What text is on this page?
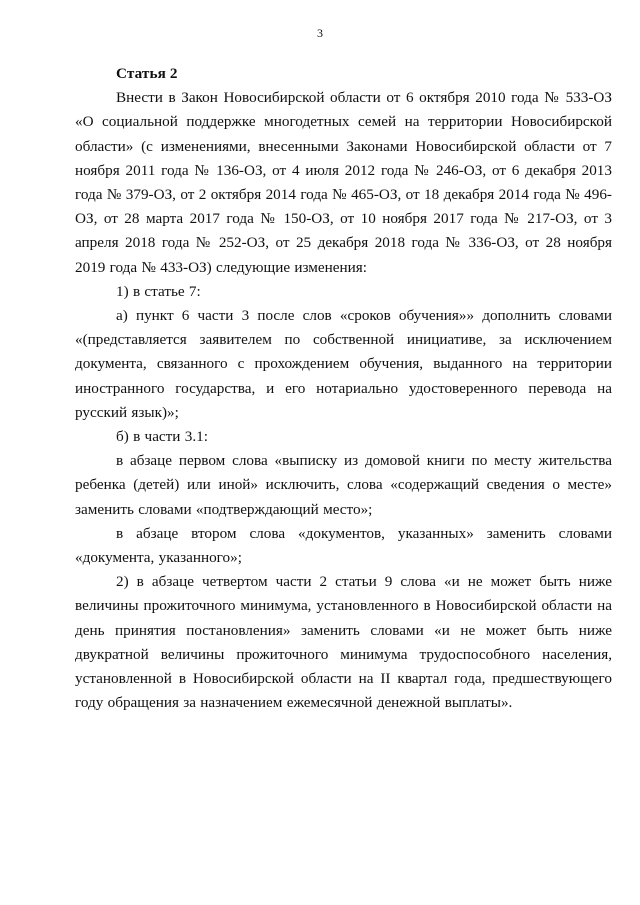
3

Статья 2

Внести в Закон Новосибирской области от 6 октября 2010 года № 533-ОЗ «О социальной поддержке многодетных семей на территории Новосибирской области» (с изменениями, внесенными Законами Новосибирской области от 7 ноября 2011 года № 136-ОЗ, от 4 июля 2012 года № 246-ОЗ, от 6 декабря 2013 года № 379-ОЗ, от 2 октября 2014 года № 465-ОЗ, от 18 декабря 2014 года № 496-ОЗ, от 28 марта 2017 года № 150-ОЗ, от 10 ноября 2017 года № 217-ОЗ, от 3 апреля 2018 года № 252-ОЗ, от 25 декабря 2018 года № 336-ОЗ, от 28 ноября 2019 года № 433-ОЗ) следующие изменения:

1) в статье 7:

а) пункт 6 части 3 после слов «сроков обучения»» дополнить словами «(представляется заявителем по собственной инициативе, за исключением документа, связанного с прохождением обучения, выданного на территории иностранного государства, и его нотариально удостоверенного перевода на русский язык)»;

б) в части 3.1:

в абзаце первом слова «выписку из домовой книги по месту жительства ребенка (детей) или иной» исключить, слова «содержащий сведения о месте» заменить словами «подтверждающий место»;

в абзаце втором слова «документов, указанных» заменить словами «документа, указанного»;

2) в абзаце четвертом части 2 статьи 9 слова «и не может быть ниже величины прожиточного минимума, установленного в Новосибирской области на день принятия постановления» заменить словами «и не может быть ниже двукратной величины прожиточного минимума трудоспособного населения, установленной в Новосибирской области на II квартал года, предшествующего году обращения за назначением ежемесячной денежной выплаты».
